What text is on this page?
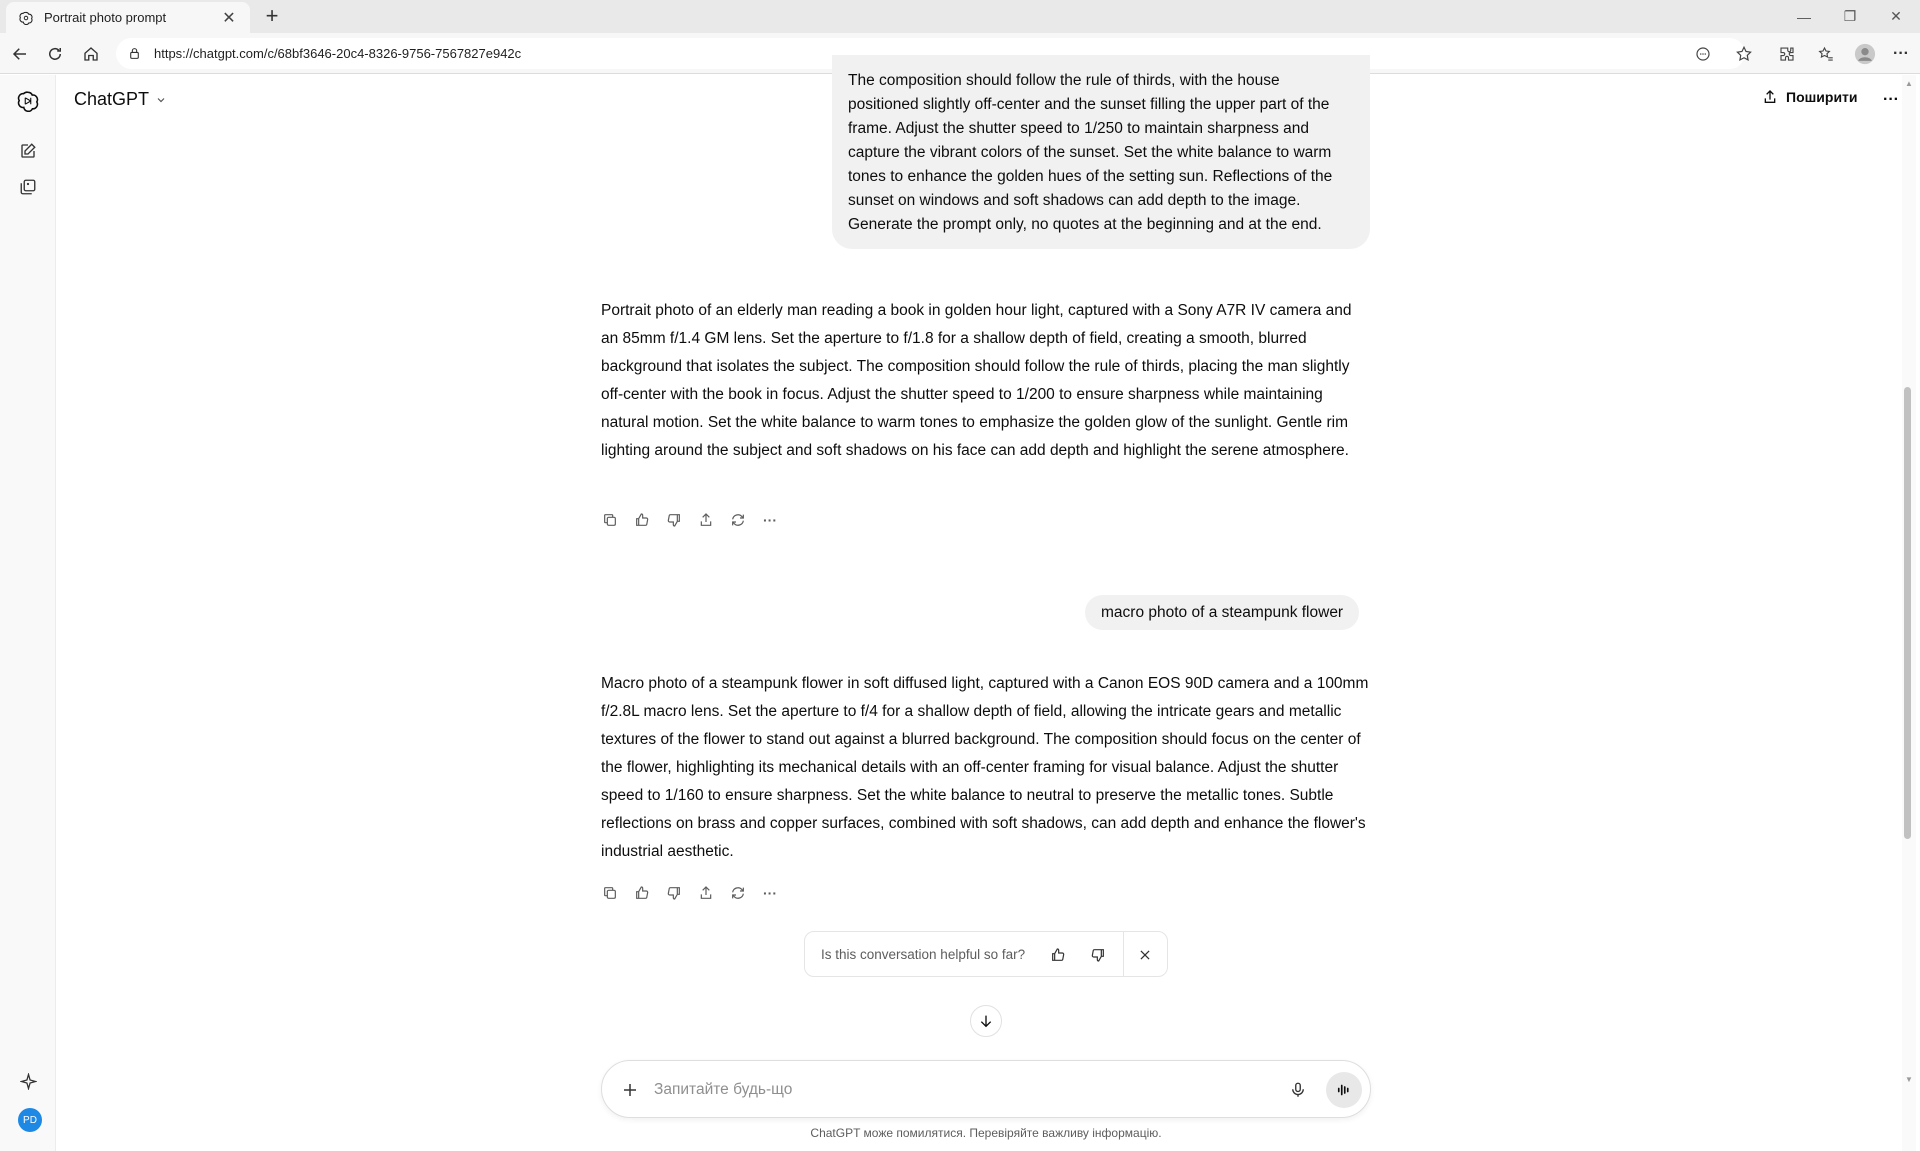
Portrait photo prompt	✕	+	—	❐	✕
https://chatgpt.com/c/68bf3646-20c4-8326-9756-7567827e942c	···
PD
ChatGPT	Поширити	···
The composition should follow the rule of thirds, with the house positioned slightly off-center and the sunset filling the upper part of the frame. Adjust the shutter speed to 1/250 to maintain sharpness and capture the vibrant colors of the sunset. Set the white balance to warm tones to enhance the golden hues of the setting sun. Reflections of the sunset on windows and soft shadows can add depth to the image. Generate the prompt only, no quotes at the beginning and at the end.
Portrait photo of an elderly man reading a book in golden hour light, captured with a Sony A7R IV camera and an 85mm f/1.4 GM lens. Set the aperture to f/1.8 for a shallow depth of field, creating a smooth, blurred background that isolates the subject. The composition should follow the rule of thirds, placing the man slightly off-center with the book in focus. Adjust the shutter speed to 1/200 to ensure sharpness while maintaining natural motion. Set the white balance to warm tones to emphasize the golden glow of the sunlight. Gentle rim lighting around the subject and soft shadows on his face can add depth and highlight the serene atmosphere.
···
macro photo of a steampunk flower
Macro photo of a steampunk flower in soft diffused light, captured with a Canon EOS 90D camera and a 100mm f/2.8L macro lens. Set the aperture to f/4 for a shallow depth of field, allowing the intricate gears and metallic textures of the flower to stand out against a blurred background. The composition should focus on the center of the flower, highlighting its mechanical details with an off-center framing for visual balance. Adjust the shutter speed to 1/160 to ensure sharpness. Set the white balance to neutral to preserve the metallic tones. Subtle reflections on brass and copper surfaces, combined with soft shadows, can add depth and enhance the flower's industrial aesthetic.
···
Is this conversation helpful so far?
Запитайте будь-що
ChatGPT може помилятися. Перевіряйте важливу інформацію.
▲
▼
